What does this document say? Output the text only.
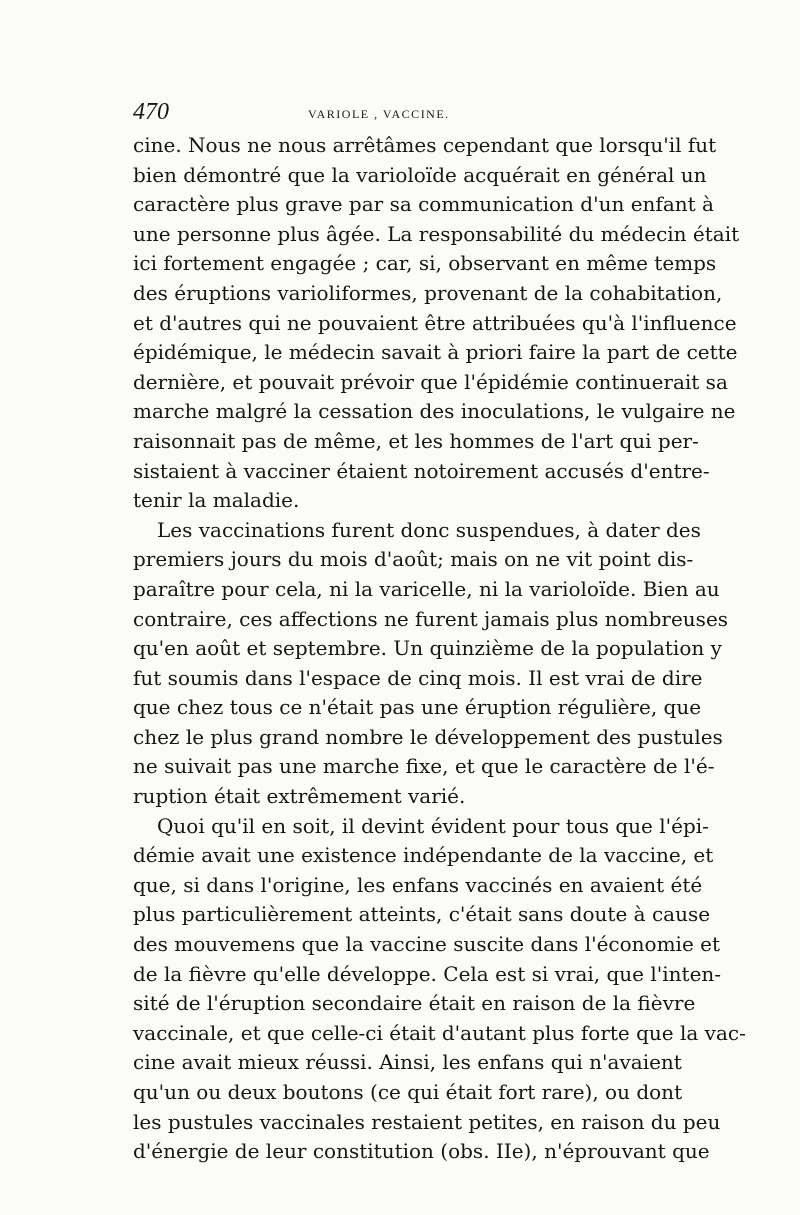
470	VARIOLE , VACCINE.
cine. Nous ne nous arrêtâmes cependant que lorsqu'il fut
bien démontré que la varioloïde acquérait en général un
caractère plus grave par sa communication d'un enfant à
une personne plus âgée. La responsabilité du médecin était
ici fortement engagée ; car, si, observant en même temps
des éruptions varioliformes, provenant de la cohabitation,
et d'autres qui ne pouvaient être attribuées qu'à l'influence
épidémique, le médecin savait à priori faire la part de cette
dernière, et pouvait prévoir que l'épidémie continuerait sa
marche malgré la cessation des inoculations, le vulgaire ne
raisonnait pas de même, et les hommes de l'art qui per-
sistaient à vacciner étaient notoirement accusés d'entre-
tenir la maladie.
Les vaccinations furent donc suspendues, à dater des
premiers jours du mois d'août; mais on ne vit point dis-
paraître pour cela, ni la varicelle, ni la varioloïde. Bien au
contraire, ces affections ne furent jamais plus nombreuses
qu'en août et septembre. Un quinzième de la population y
fut soumis dans l'espace de cinq mois. Il est vrai de dire
que chez tous ce n'était pas une éruption régulière, que
chez le plus grand nombre le développement des pustules
ne suivait pas une marche fixe, et que le caractère de l'é-
ruption était extrêmement varié.
Quoi qu'il en soit, il devint évident pour tous que l'épi-
démie avait une existence indépendante de la vaccine, et
que, si dans l'origine, les enfans vaccinés en avaient été
plus particulièrement atteints, c'était sans doute à cause
des mouvemens que la vaccine suscite dans l'économie et
de la fièvre qu'elle développe. Cela est si vrai, que l'inten-
sité de l'éruption secondaire était en raison de la fièvre
vaccinale, et que celle-ci était d'autant plus forte que la vac-
cine avait mieux réussi. Ainsi, les enfans qui n'avaient
qu'un ou deux boutons (ce qui était fort rare), ou dont
les pustules vaccinales restaient petites, en raison du peu
d'énergie de leur constitution (obs. IIe), n'éprouvant que
